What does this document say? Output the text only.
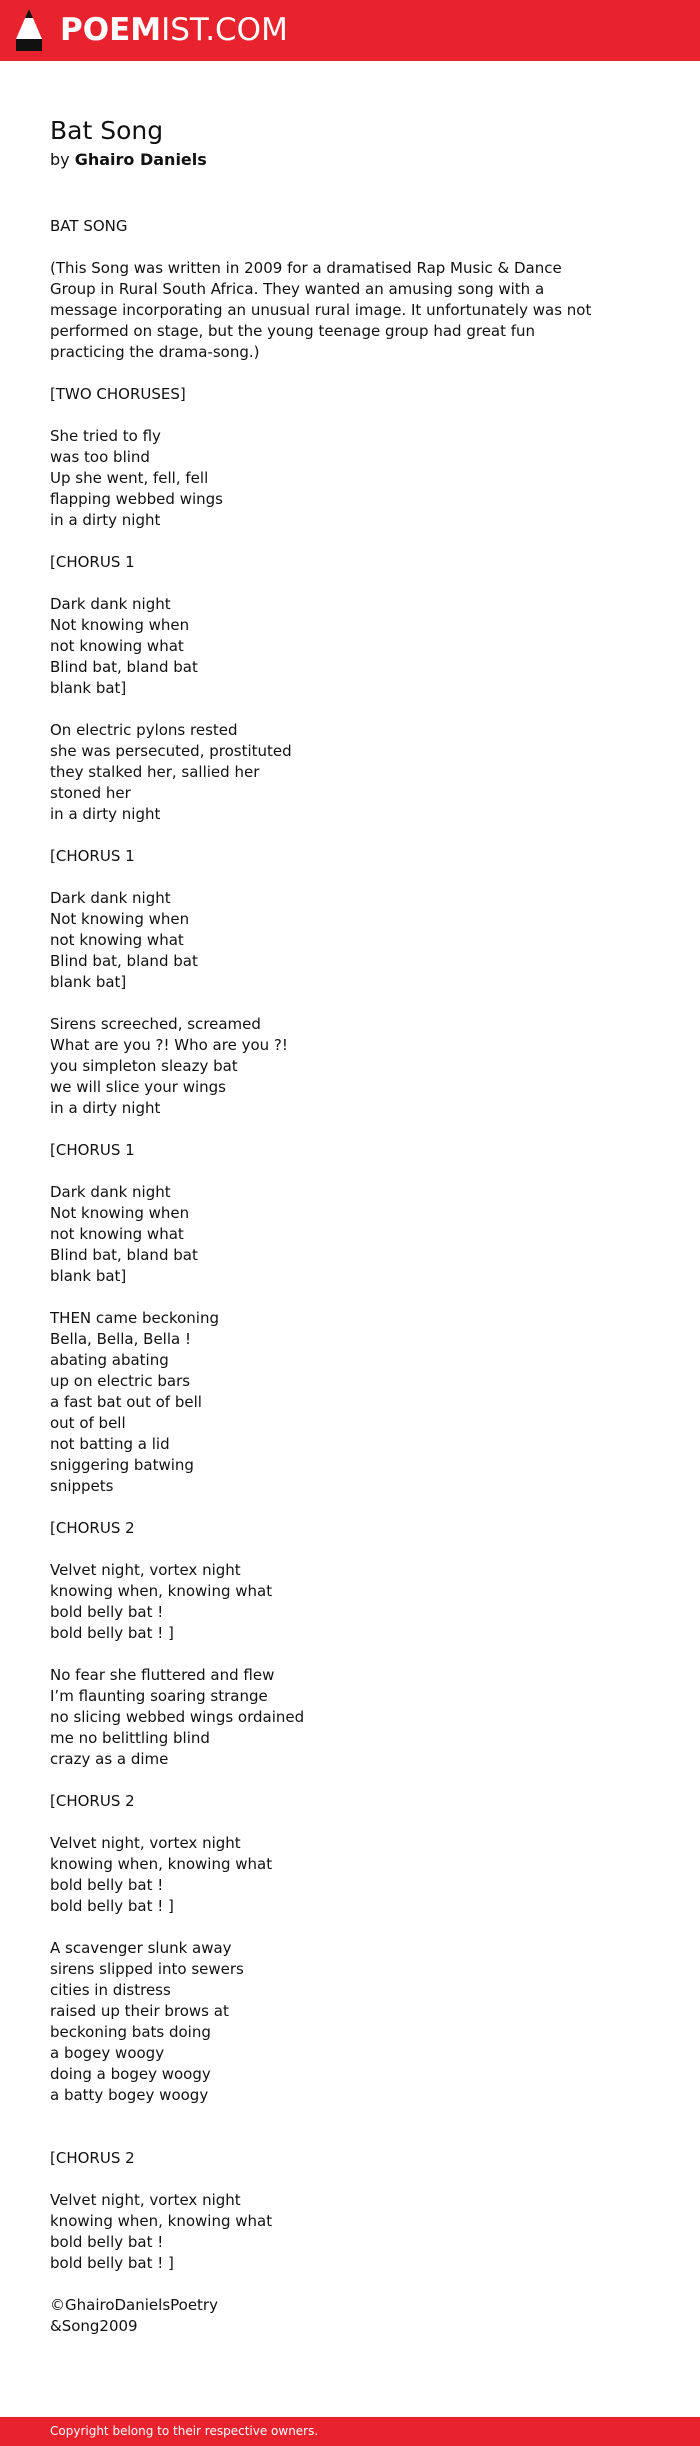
POEMIST.COM
Bat Song
by Ghairo Daniels
BAT SONG

(This Song was written in 2009 for a dramatised Rap Music & Dance Group in Rural South Africa. They wanted an amusing song with a message incorporating an unusual rural image. It unfortunately was not performed on stage, but the young teenage group had great fun practicing the drama-song.)

[TWO CHORUSES]

She tried to fly
was too blind
Up she went, fell, fell
flapping webbed wings
in a dirty night

[CHORUS 1

Dark dank night
Not knowing when
not knowing what
Blind bat, bland bat
blank bat]

On electric pylons rested
she was persecuted, prostituted
they stalked her, sallied her
stoned her
in a dirty night

[CHORUS 1

Dark dank night
Not knowing when
not knowing what
Blind bat, bland bat
blank bat]

Sirens screeched, screamed
What are you ?! Who are you ?!
you simpleton sleazy bat
we will slice your wings
in a dirty night

[CHORUS 1

Dark dank night
Not knowing when
not knowing what
Blind bat, bland bat
blank bat]

THEN came beckoning
Bella, Bella, Bella !
abating abating
up on electric bars
a fast bat out of bell
out of bell
not batting a lid
sniggering batwing
snippets

[CHORUS 2

Velvet night, vortex night
knowing when, knowing what
bold belly bat !
bold belly bat ! ]

No fear she fluttered and flew
I’m flaunting soaring strange
no slicing webbed wings ordained
me no belittling blind
crazy as a dime

[CHORUS 2

Velvet night, vortex night
knowing when, knowing what
bold belly bat !
bold belly bat ! ]

A scavenger slunk away
sirens slipped into sewers
cities in distress
raised up their brows at
beckoning bats doing
a bogey woogy
doing a bogey woogy
a batty bogey woogy

[CHORUS 2

Velvet night, vortex night
knowing when, knowing what
bold belly bat !
bold belly bat ! ]

©GhairoDanielsPoetry
&Song2009
Copyright belong to their respective owners.
